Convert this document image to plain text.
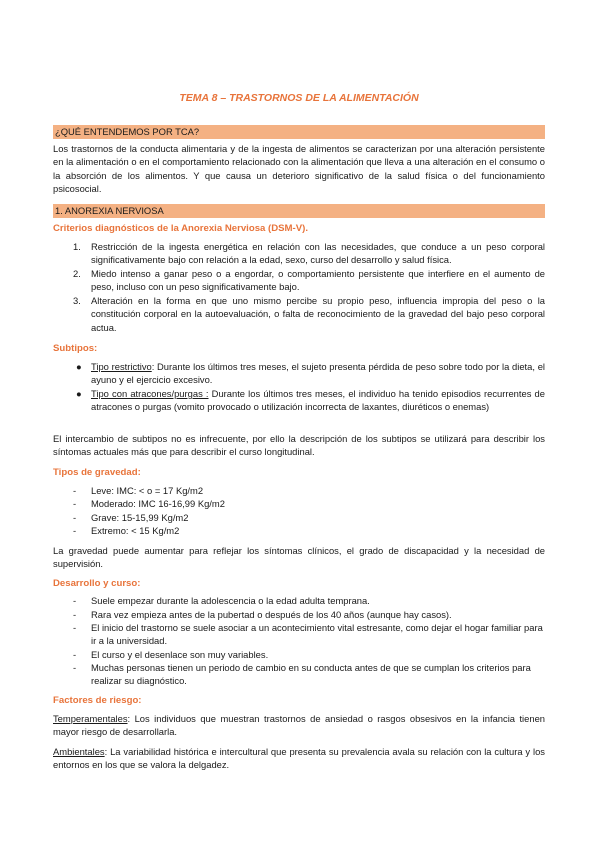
TEMA 8 – TRASTORNOS DE LA ALIMENTACIÓN
¿QUÉ ENTENDEMOS POR TCA?
Los trastornos de la conducta alimentaria y de la ingesta de alimentos se caracterizan por una alteración persistente en la alimentación o en el comportamiento relacionado con la alimentación que lleva a una alteración en el consumo o la absorción de los alimentos. Y que causa un deterioro significativo de la salud física o del funcionamiento psicosocial.
1. ANOREXIA NERVIOSA
Criterios diagnósticos de la Anorexia Nerviosa (DSM-V).
1.	Restricción de la ingesta energética en relación con las necesidades, que conduce a un peso corporal significativamente bajo con relación a la edad, sexo, curso del desarrollo y salud física.
2.	Miedo intenso a ganar peso o a engordar, o comportamiento persistente que interfiere en el aumento de peso, incluso con un peso significativamente bajo.
3.	Alteración en la forma en que uno mismo percibe su propio peso, influencia impropia del peso o la constitución corporal en la autoevaluación, o falta de reconocimiento de la gravedad del bajo peso corporal actua.
Subtipos:
● Tipo restrictivo: Durante los últimos tres meses, el sujeto presenta pérdida de peso sobre todo por la dieta, el ayuno y el ejercicio excesivo.
● Tipo con atracones/purgas : Durante los últimos tres meses, el individuo ha tenido episodios recurrentes de atracones o purgas (vomito provocado o utilización incorrecta de laxantes, diuréticos o enemas)
El intercambio de subtipos no es infrecuente, por ello la descripción de los subtipos se utilizará para describir los síntomas actuales más que para describir el curso longitudinal.
Tipos de gravedad:
- Leve: IMC: < o = 17 Kg/m2
- Moderado: IMC 16-16,99 Kg/m2
- Grave: 15-15,99 Kg/m2
- Extremo: < 15 Kg/m2
La gravedad puede aumentar para reflejar los síntomas clínicos, el grado de discapacidad y la necesidad de supervisión.
Desarrollo y curso:
- Suele empezar durante la adolescencia o la edad adulta temprana.
- Rara vez empieza antes de la pubertad o después de los 40 años (aunque hay casos).
- El inicio del trastorno se suele asociar a un acontecimiento vital estresante, como dejar el hogar familiar para ir a la universidad.
- El curso y el desenlace son muy variables.
- Muchas personas tienen un periodo de cambio en su conducta antes de que se cumplan los criterios para realizar su diagnóstico.
Factores de riesgo:
Temperamentales: Los individuos que muestran trastornos de ansiedad o rasgos obsesivos en la infancia tienen mayor riesgo de desarrollarla.
Ambientales: La variabilidad histórica e intercultural que presenta su prevalencia avala su relación con la cultura y los entornos en los que se valora la delgadez.
